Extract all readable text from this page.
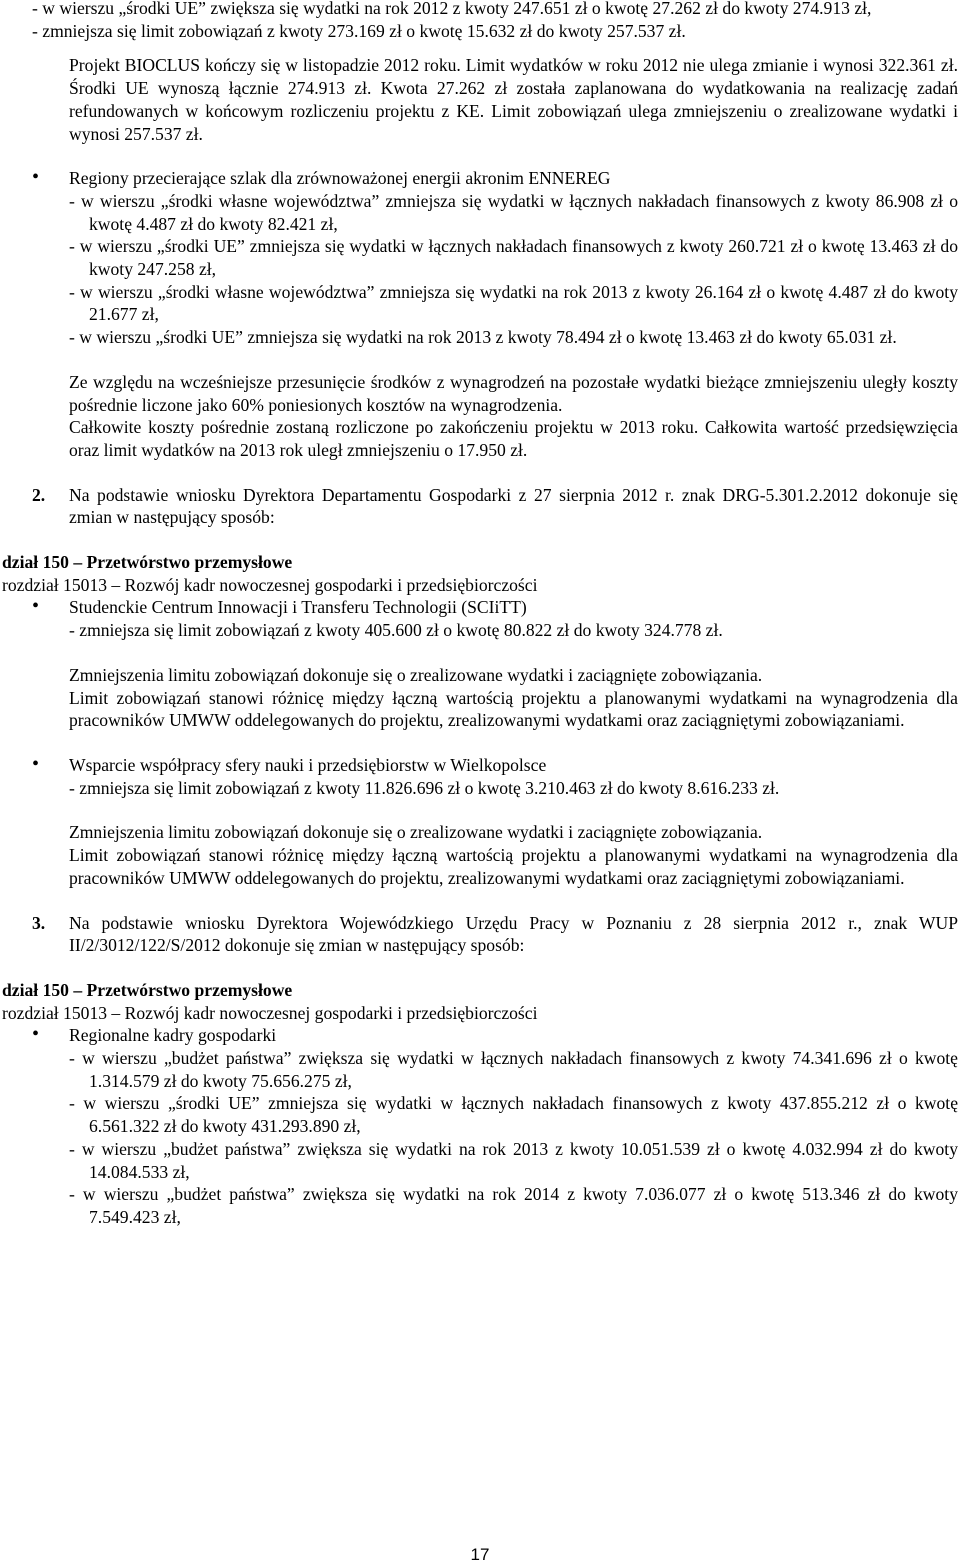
- w wierszu „środki UE” zwiększa się wydatki na rok 2012 z kwoty 247.651 zł o kwotę 27.262 zł do kwoty 274.913 zł,

- zmniejsza się limit zobowiązań z kwoty 273.169 zł o kwotę 15.632 zł do kwoty 257.537 zł.

Projekt BIOCLUS kończy się w listopadzie 2012 roku. Limit wydatków w roku 2012 nie ulega zmianie i wynosi 322.361 zł. Środki UE wynoszą łącznie 274.913 zł. Kwota 27.262 zł została zaplanowana do wydatkowania na realizację zadań refundowanych w końcowym rozliczeniu projektu z KE. Limit zobowiązań ulega zmniejszeniu o zrealizowane wydatki i wynosi 257.537 zł.

• Regiony przecierające szlak dla zrównoważonej energii akronim ENNEREG

- w wierszu „środki własne województwa” zmniejsza się wydatki w łącznych nakładach finansowych z kwoty 86.908 zł o kwotę 4.487 zł do kwoty 82.421 zł,

- w wierszu „środki UE” zmniejsza się wydatki w łącznych nakładach finansowych z kwoty 260.721 zł o kwotę 13.463 zł do kwoty 247.258 zł,

- w wierszu „środki własne województwa” zmniejsza się wydatki na rok 2013 z kwoty 26.164 zł o kwotę 4.487 zł do kwoty 21.677 zł,

- w wierszu „środki UE” zmniejsza się wydatki na rok 2013 z kwoty 78.494 zł o kwotę 13.463 zł do kwoty 65.031 zł.

Ze względu na wcześniejsze przesunięcie środków z wynagrodzeń na pozostałe wydatki bieżące zmniejszeniu uległy koszty pośrednie liczone jako 60% poniesionych kosztów na wynagrodzenia.

Całkowite koszty pośrednie zostaną rozliczone po zakończeniu projektu w 2013 roku. Całkowita wartość przedsięwzięcia oraz limit wydatków na 2013 rok uległ zmniejszeniu o 17.950 zł.

2. Na podstawie wniosku Dyrektora Departamentu Gospodarki z 27 sierpnia 2012 r. znak DRG-5.301.2.2012 dokonuje się zmian w następujący sposób:

dział 150 – Przetwórstwo przemysłowe

rozdział 15013 – Rozwój kadr nowoczesnej gospodarki i przedsiębiorczości

• Studenckie Centrum Innowacji i Transferu Technologii (SCIiTT)

- zmniejsza się limit zobowiązań z kwoty 405.600 zł o kwotę 80.822 zł do kwoty 324.778 zł.

Zmniejszenia limitu zobowiązań dokonuje się o zrealizowane wydatki i zaciągnięte zobowiązania.

Limit zobowiązań stanowi różnicę między łączną wartością projektu a planowanymi wydatkami na wynagrodzenia dla pracowników UMWW oddelegowanych do projektu, zrealizowanymi wydatkami oraz zaciągniętymi zobowiązaniami.

• Wsparcie współpracy sfery nauki i przedsiębiorstw w Wielkopolsce

- zmniejsza się limit zobowiązań z kwoty 11.826.696 zł o kwotę 3.210.463 zł do kwoty 8.616.233 zł.

Zmniejszenia limitu zobowiązań dokonuje się o zrealizowane wydatki i zaciągnięte zobowiązania.

Limit zobowiązań stanowi różnicę między łączną wartością projektu a planowanymi wydatkami na wynagrodzenia dla pracowników UMWW oddelegowanych do projektu, zrealizowanymi wydatkami oraz zaciągniętymi zobowiązaniami.

3. Na podstawie wniosku Dyrektora Wojewódzkiego Urzędu Pracy w Poznaniu z 28 sierpnia 2012 r., znak WUP II/2/3012/122/S/2012 dokonuje się zmian w następujący sposób:

dział 150 – Przetwórstwo przemysłowe

rozdział 15013 – Rozwój kadr nowoczesnej gospodarki i przedsiębiorczości

• Regionalne kadry gospodarki

- w wierszu „budżet państwa” zwiększa się wydatki w łącznych nakładach finansowych z kwoty 74.341.696 zł o kwotę 1.314.579 zł do kwoty 75.656.275 zł,

- w wierszu „środki UE” zmniejsza się wydatki w łącznych nakładach finansowych z kwoty 437.855.212 zł o kwotę 6.561.322 zł do kwoty 431.293.890 zł,

- w wierszu „budżet państwa” zwiększa się wydatki na rok 2013 z kwoty 10.051.539 zł o kwotę 4.032.994 zł do kwoty 14.084.533 zł,

- w wierszu „budżet państwa” zwiększa się wydatki na rok 2014 z kwoty 7.036.077 zł o kwotę 513.346 zł do kwoty 7.549.423 zł,

17
